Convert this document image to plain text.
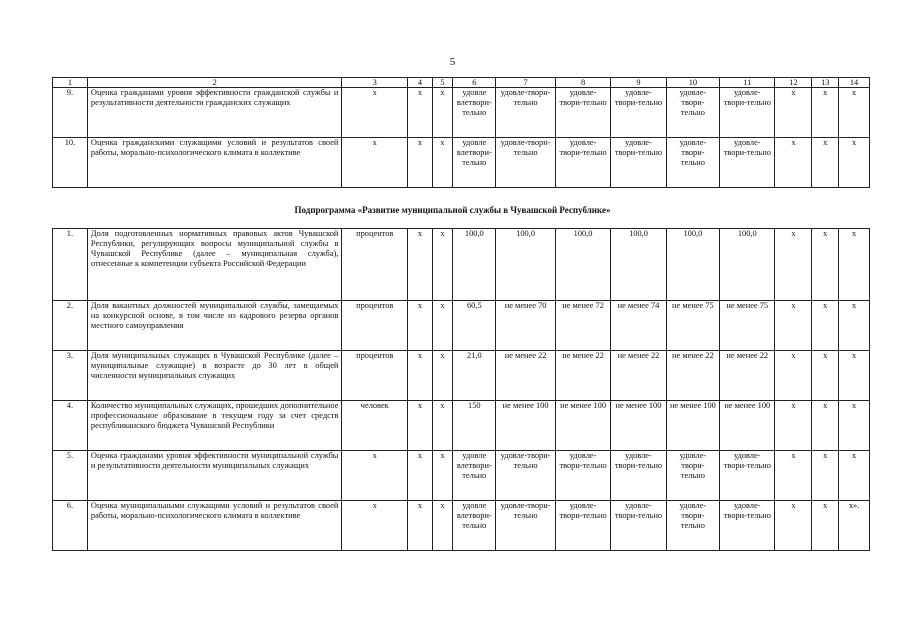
5
1	2	3	4	5	6	7	8	9	10	11	12	13	14
9.	Оценка гражданами уровня эффективности гражданской службы и результативности деятельности гражданских служащих	x	x	x	удовле влетвори-тельно	удовле-творн-тельно	удовле-твори-тельно	удовле-твори-тельно	удовле-твори-тельно	удовле-твори-тельно	x	x	x
10.	Оценка гражданскими служащими условий и результатов своей работы, морально-психологического климата в коллективе	x	x	x	удовле влетвори-тельно	удовле-творн-тельно	удовле-твори-тельно	удовле-твори-тельно	удовле-твори-тельно	удовле-твори-тельно	x	x	x
Подпрограмма «Развитие муниципальной службы в Чувашской Республике»
1.	Доля подготовленных нормативных правовых актов Чувашской Республики, регулирующих вопросы муниципальной службы в Чувашской Республике (далее – муниципальная служба), отнесенные к компетенции субъекта Российской Федерации	процентов	x	x	100,0	100,0	100,0	100,0	100,0	100,0	x	x	x
2.	Доля вакантных должностей муниципальной службы, замещаемых на конкурсной основе, в том числе из кадрового резерва органов местного самоуправления	процентов	x	x	60,5	не менее 70	не менее 72	не менее 74	не менее 75	не менее 75	x	x	x
3.	Доля муниципальных служащих в Чувашской Республике (далее – муниципальные служащие) в возрасте до 30 лет в общей численности муниципальных служащих	процентов	x	x	21,0	не менее 22	не менее 22	не менее 22	не менее 22	не менее 22	x	x	x
4.	Количество муниципальных служащих, прошедших дополнительное профессиональное образование в текущем году за счет средств республиканского бюджета Чувашской Республики	человек	x	x	150	не менее 100	не менее 100	не менее 100	не менее 100	не менее 100	x	x	x
5.	Оценка гражданами уровня эффективности муниципальной службы и результативности деятельности муниципальных служащих	x	x	x	удовле влетвори-тельно	удовле-твори-тельно	удовле-твори-тельно	удовле-твори-тельно	удовле-твори-тельно	удовле-твори-тельно	x	x	x
6.	Оценка муниципальными служащими условий и результатов своей работы, морально-психологического климата в коллективе	x	x	x	удовле влетвори-тельно	удовле-твори-тельно	удовле-твори-тельно	удовле-твори-тельно	удовле-твори-тельно	удовле-твори-тельно	x	x	x».
